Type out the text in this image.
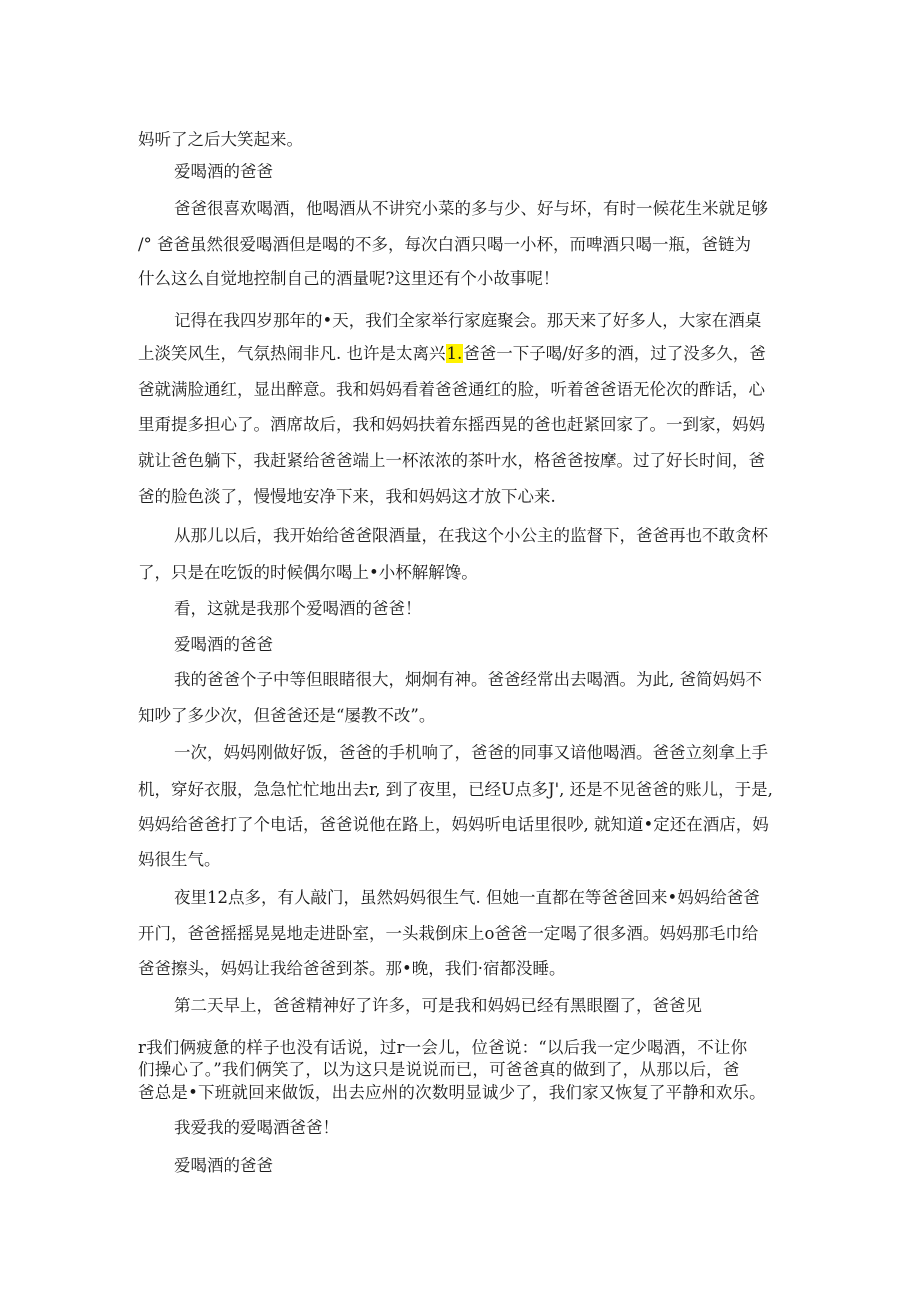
妈听了之后大笑起来。
爱喝酒的爸爸
爸爸很喜欢喝酒，他喝酒从不讲究小菜的多与少、好与坏，有时一候花生米就足够
/° 爸爸虽然很爱喝酒但是喝的不多，每次白酒只喝一小杯，而啤酒只喝一瓶，爸链为
什么这么自觉地控制自己的酒量呢?这里还有个小故事呢！
记得在我四岁那年的•天，我们全家举行家庭聚会。那天来了好多人，大家在酒桌
上淡笑风生，气氛热闹非凡. 也许是太离兴1.爸爸一下子喝/好多的酒，过了没多久，爸
爸就满脸通红，显出醉意。我和妈妈看着爸爸通红的脸，听着爸爸语无伦次的酢话，心
里甭提多担心了。酒席故后，我和妈妈扶着东摇西晃的爸也赶紧回家了。一到家，妈妈
就让爸色躺下，我赶紧给爸爸端上一杯浓浓的茶叶水，格爸爸按摩。过了好长时间，爸
爸的脸色淡了，慢慢地安净下来，我和妈妈这才放下心来.
从那儿以后，我开始给爸爸限酒量，在我这个小公主的监督下，爸爸再也不敢贪杯
了，只是在吃饭的时候偶尔喝上•小杯解解馋。
看，这就是我那个爱喝酒的爸爸！
爱喝酒的爸爸
我的爸爸个子中等但眼睹很大，炯炯有神。爸爸经常出去喝酒。为此, 爸简妈妈不
知吵了多少次，但爸爸还是“屡教不改”。
一次，妈妈刚做好饭，爸爸的手机响了，爸爸的同事又谙他喝酒。爸爸立刻拿上手
机，穿好衣服，急急忙忙地出去r, 到了夜里，已经U点多J', 还是不见爸爸的账儿，于是,
妈妈给爸爸打了个电话，爸爸说他在路上，妈妈听电话里很吵, 就知道•定还在酒店，妈
妈很生气。
夜里12点多，有人敲门，虽然妈妈很生气. 但她一直都在等爸爸回来•妈妈给爸爸
开门，爸爸摇摇晃晃地走进卧室，一头栽倒床上o爸爸一定喝了很多酒。妈妈那毛巾给
爸爸擦头，妈妈让我给爸爸到茶。那•晚，我们·宿都没睡。
第二天早上，爸爸精神好了许多，可是我和妈妈已经有黑眼圈了，爸爸见
r我们俩疲惫的样子也没有话说，过r一会儿，位爸说：“以后我一定少喝酒，不让你
们操心了。”我们俩笑了，以为这只是说说而已，可爸爸真的做到了，从那以后，爸
爸总是•下班就回来做饭，出去应州的次数明显诚少了，我们家又恢复了平静和欢乐。
我爱我的爱喝酒爸爸！
爱喝酒的爸爸
